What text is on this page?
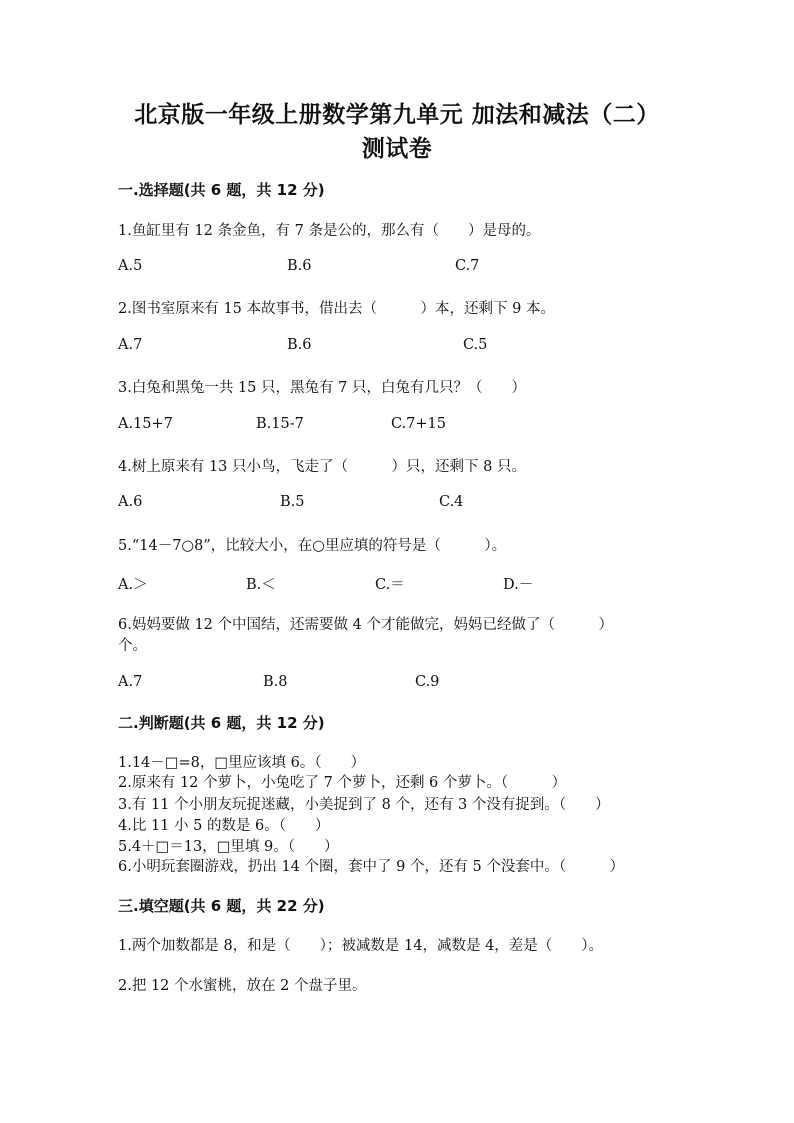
北京版一年级上册数学第九单元 加法和减法（二）
测试卷
一.选择题(共 6 题，共 12 分)
1.鱼缸里有 12 条金鱼，有 7 条是公的，那么有（　　）是母的。
A.5	B.6	C.7
2.图书室原来有 15 本故事书，借出去（　　　）本，还剩下 9 本。
A.7	B.6	C.5
3.白兔和黑兔一共 15 只，黑兔有 7 只，白兔有几只？（　　）
A.15+7	B.15-7	C.7+15
4.树上原来有 13 只小鸟，飞走了（　　　）只，还剩下 8 只。
A.6	B.5	C.4
5.“14－7○8”，比较大小，在○里应填的符号是（　　　）。
A.＞	B.＜	C.＝	D.－
6.妈妈要做 12 个中国结，还需要做 4 个才能做完，妈妈已经做了（　　　）
个。
A.7	B.8	C.9
二.判断题(共 6 题，共 12 分)
1.14－□=8，□里应该填 6。（　　）
2.原来有 12 个萝卜，小兔吃了 7 个萝卜，还剩 6 个萝卜。（　　　）
3.有 11 个小朋友玩捉迷藏，小美捉到了 8 个，还有 3 个没有捉到。（　　）
4.比 11 小 5 的数是 6。（　　）
5.4＋□＝13，□里填 9。（　　）
6.小明玩套圈游戏，扔出 14 个圈，套中了 9 个，还有 5 个没套中。（　　　）
三.填空题(共 6 题，共 22 分)
1.两个加数都是 8，和是（　　）；被减数是 14，减数是 4，差是（　　）。
2.把 12 个水蜜桃，放在 2 个盘子里。
